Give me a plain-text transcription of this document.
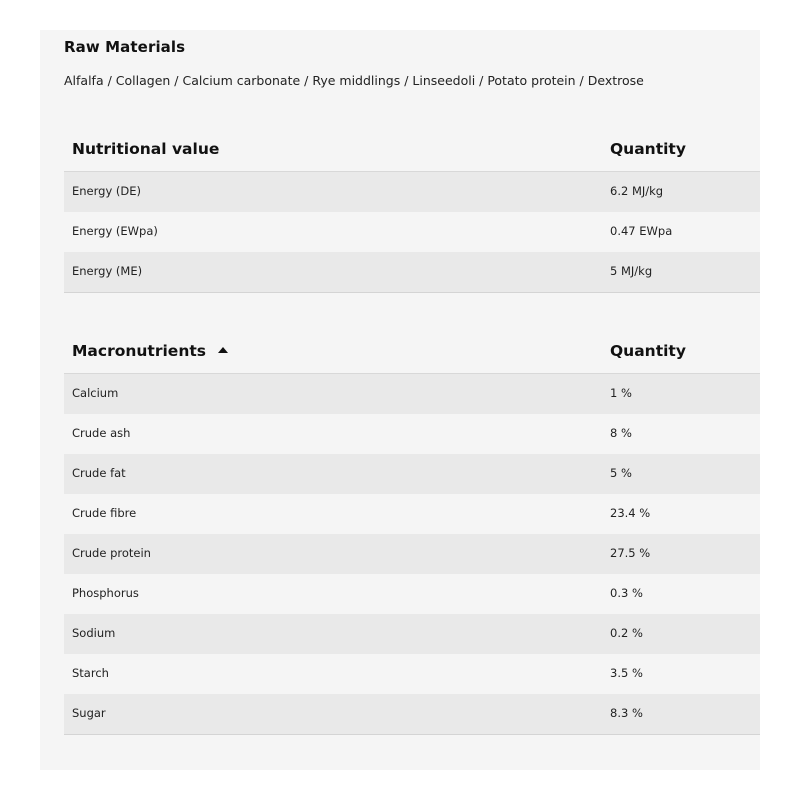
Raw Materials
Alfalfa / Collagen / Calcium carbonate / Rye middlings / Linseedoli / Potato protein / Dextrose
Nutritional value	Quantity
Energy (DE)	6.2 MJ/kg
Energy (EWpa)	0.47 EWpa
Energy (ME)	5 MJ/kg
Macronutrients	Quantity
Calcium	1 %
Crude ash	8 %
Crude fat	5 %
Crude fibre	23.4 %
Crude protein	27.5 %
Phosphorus	0.3 %
Sodium	0.2 %
Starch	3.5 %
Sugar	8.3 %
